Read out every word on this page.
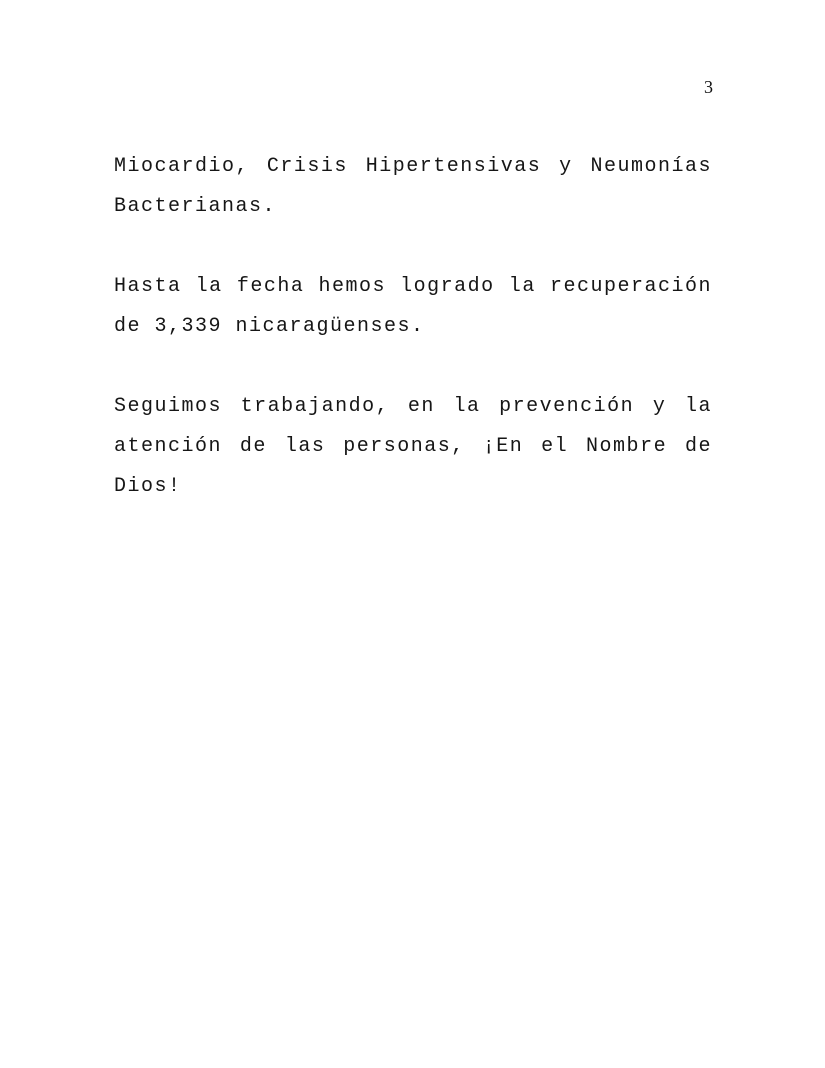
3
Miocardio, Crisis Hipertensivas y Neumonías
Bacterianas.
Hasta la fecha hemos logrado la recuperación
de 3,339 nicaragüenses.
Seguimos trabajando, en la prevención y la
atención de las personas, ¡En el Nombre de
Dios!
